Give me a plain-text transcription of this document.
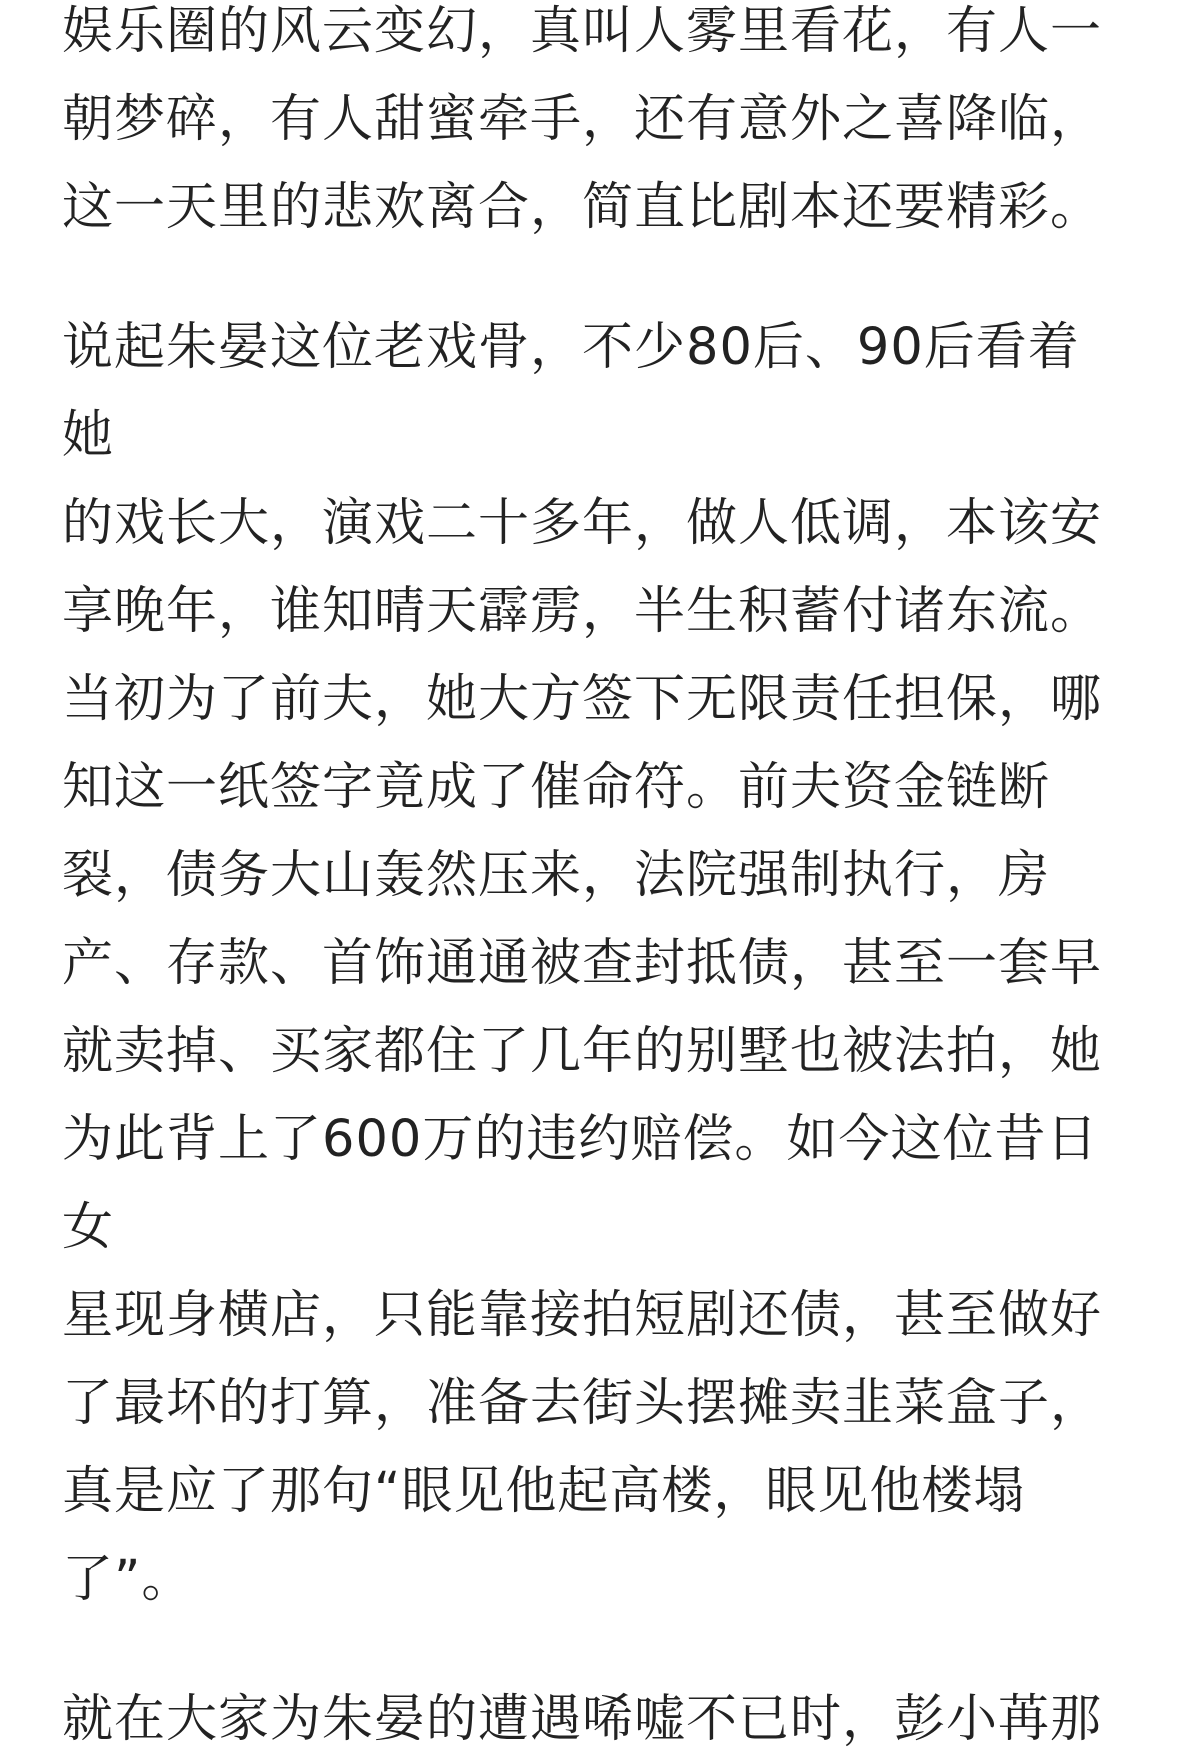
娱乐圈的风云变幻，真叫人雾里看花，有人一
朝梦碎，有人甜蜜牵手，还有意外之喜降临，
这一天里的悲欢离合，简直比剧本还要精彩。

说起朱晏这位老戏骨，不少80后、90后看着她
的戏长大，演戏二十多年，做人低调，本该安
享晚年，谁知晴天霹雳，半生积蓄付诸东流。
当初为了前夫，她大方签下无限责任担保，哪
知这一纸签字竟成了催命符。前夫资金链断
裂，债务大山轰然压来，法院强制执行，房
产、存款、首饰通通被查封抵债，甚至一套早
就卖掉、买家都住了几年的别墅也被法拍，她
为此背上了600万的违约赔偿。如今这位昔日女
星现身横店，只能靠接拍短剧还债，甚至做好
了最坏的打算，准备去街头摆摊卖韭菜盒子，
真是应了那句“眼见他起高楼，眼见他楼塌了”。

就在大家为朱晏的遭遇唏嘘不已时，彭小苒那
